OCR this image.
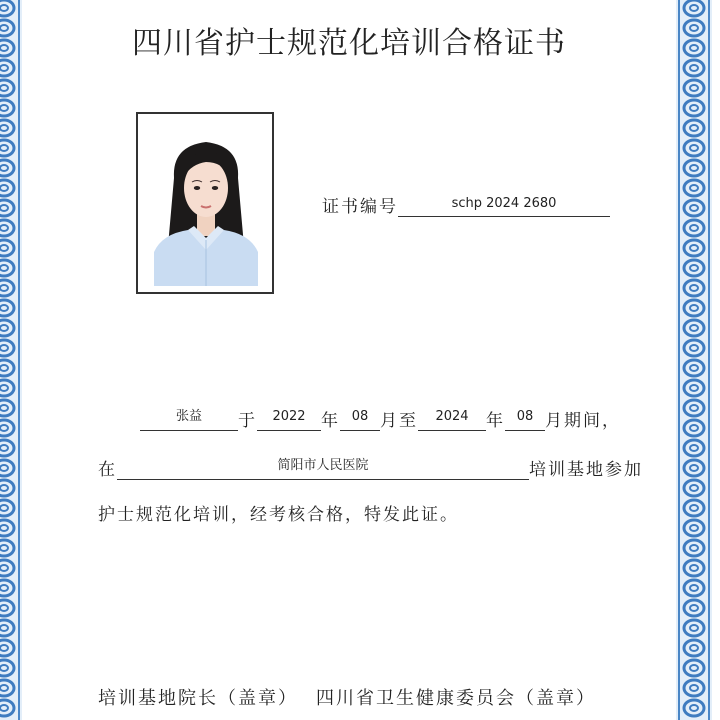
四川省护士规范化培训合格证书
证书编号	schp 2024 2680
张益 于 2022 年 08 月至 2024 年 08 月期间，
在	简阳市人民医院	培训基地参加
护士规范化培训，经考核合格，特发此证。
培训基地院长（盖章） 四川省卫生健康委员会（盖章）
